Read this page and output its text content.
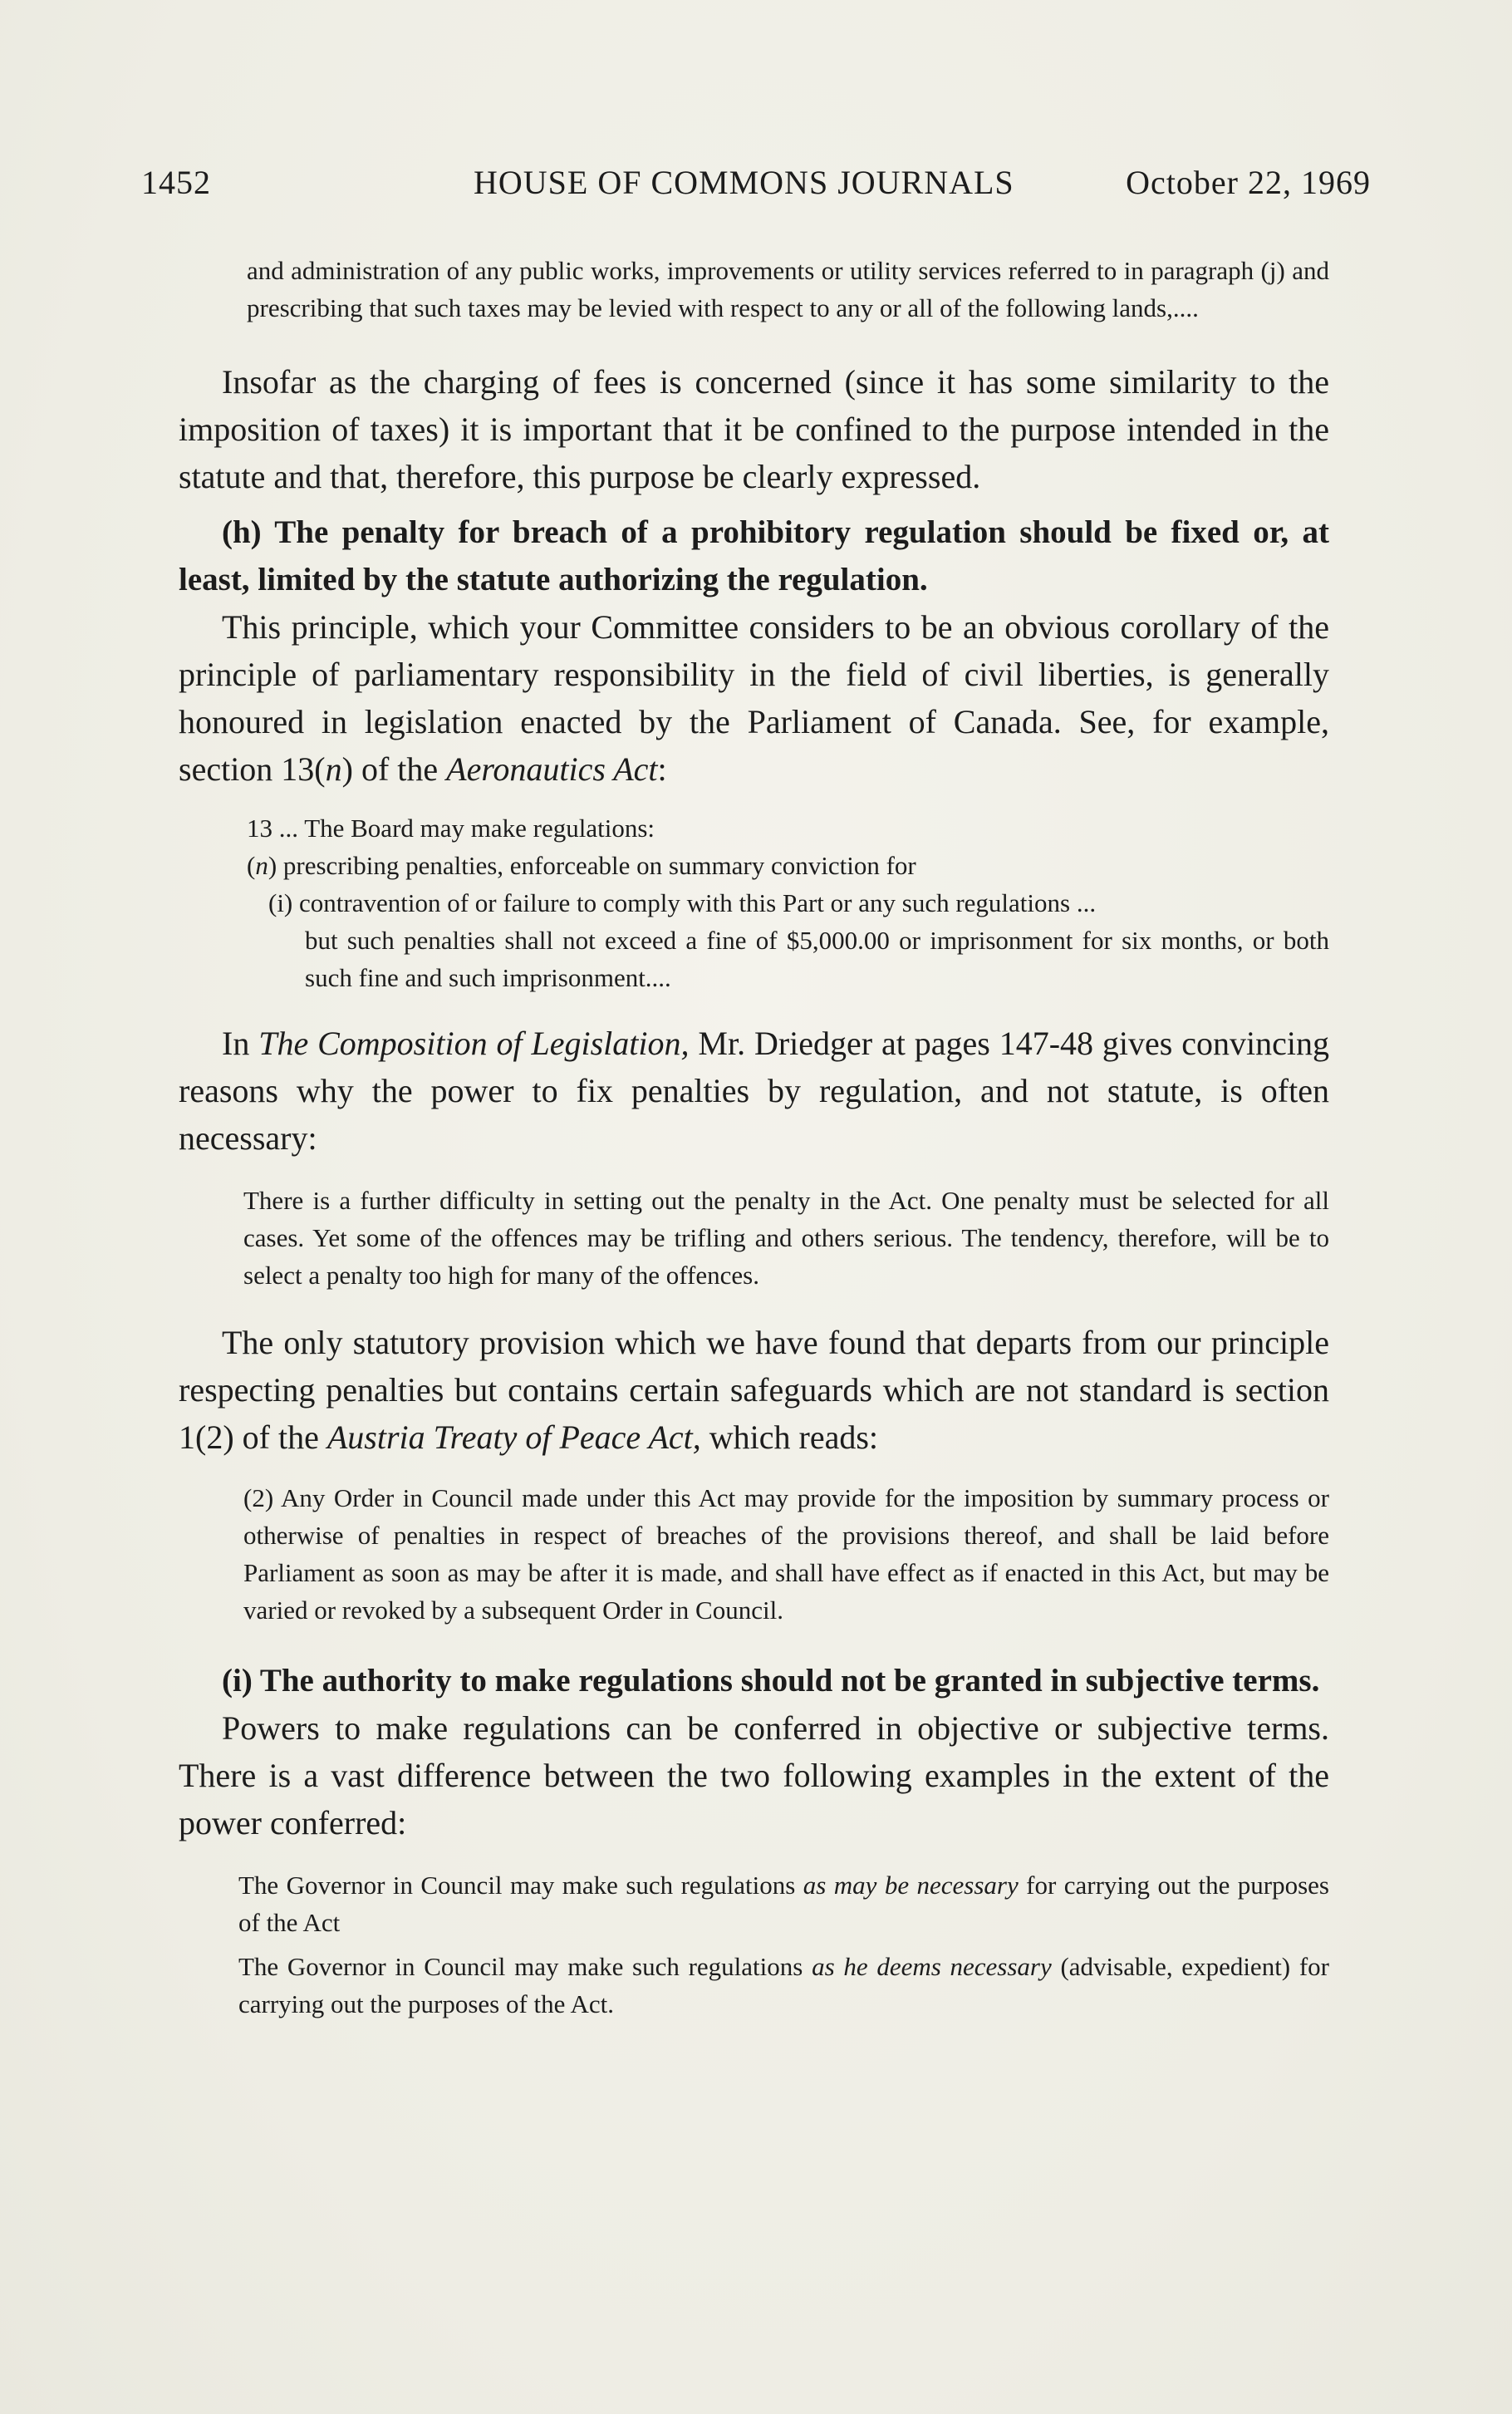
1452	HOUSE OF COMMONS JOURNALS	October 22, 1969

and administration of any public works, improvements or utility services referred to in paragraph (j) and prescribing that such taxes may be levied with respect to any or all of the following lands,....

Insofar as the charging of fees is concerned (since it has some similarity to the imposition of taxes) it is important that it be confined to the purpose intended in the statute and that, therefore, this purpose be clearly expressed.

(h) The penalty for breach of a prohibitory regulation should be fixed or, at least, limited by the statute authorizing the regulation.

This principle, which your Committee considers to be an obvious corollary of the principle of parliamentary responsibility in the field of civil liberties, is generally honoured in legislation enacted by the Parliament of Canada. See, for example, section 13(n) of the Aeronautics Act:

13 ... The Board may make regulations:

(n) prescribing penalties, enforceable on summary conviction for

(i) contravention of or failure to comply with this Part or any such regulations ...

but such penalties shall not exceed a fine of $5,000.00 or imprisonment for six months, or both such fine and such imprisonment....

In The Composition of Legislation, Mr. Driedger at pages 147-48 gives convincing reasons why the power to fix penalties by regulation, and not statute, is often necessary:

There is a further difficulty in setting out the penalty in the Act. One penalty must be selected for all cases. Yet some of the offences may be trifling and others serious. The tendency, therefore, will be to select a penalty too high for many of the offences.

The only statutory provision which we have found that departs from our principle respecting penalties but contains certain safeguards which are not standard is section 1(2) of the Austria Treaty of Peace Act, which reads:

(2) Any Order in Council made under this Act may provide for the imposition by summary process or otherwise of penalties in respect of breaches of the provisions thereof, and shall be laid before Parliament as soon as may be after it is made, and shall have effect as if enacted in this Act, but may be varied or revoked by a subsequent Order in Council.

(i) The authority to make regulations should not be granted in subjective terms.

Powers to make regulations can be conferred in objective or subjective terms. There is a vast difference between the two following examples in the extent of the power conferred:

The Governor in Council may make such regulations as may be necessary for carrying out the purposes of the Act

The Governor in Council may make such regulations as he deems necessary (advisable, expedient) for carrying out the purposes of the Act.
